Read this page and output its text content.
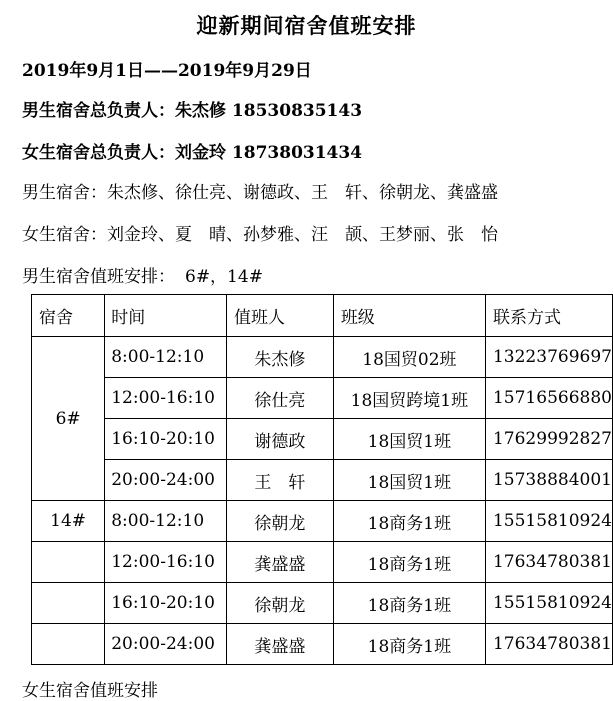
迎新期间宿舍值班安排
2019年9月1日——2019年9月29日
男生宿舍总负责人：朱杰修 18530835143
女生宿舍总负责人：刘金玲 18738031434
男生宿舍：朱杰修、徐仕亮、谢德政、王　轩、徐朝龙、龚盛盛
女生宿舍：刘金玲、夏　晴、孙梦雅、汪　颉、王梦丽、张　怡
男生宿舍值班安排： 6#，14#
宿舍	时间	值班人	班级	联系方式
6#	8:00-12:10	朱杰修	18国贸02班	13223769697
	12:00-16:10	徐仕亮	18国贸跨境1班	15716566880
	16:10-20:10	谢德政	18国贸1班	17629992827
	20:00-24:00	王　轩	18国贸1班	15738884001
14#	8:00-12:10	徐朝龙	18商务1班	15515810924
	12:00-16:10	龚盛盛	18商务1班	17634780381
	16:10-20:10	徐朝龙	18商务1班	15515810924
	20:00-24:00	龚盛盛	18商务1班	17634780381
女生宿舍值班安排
